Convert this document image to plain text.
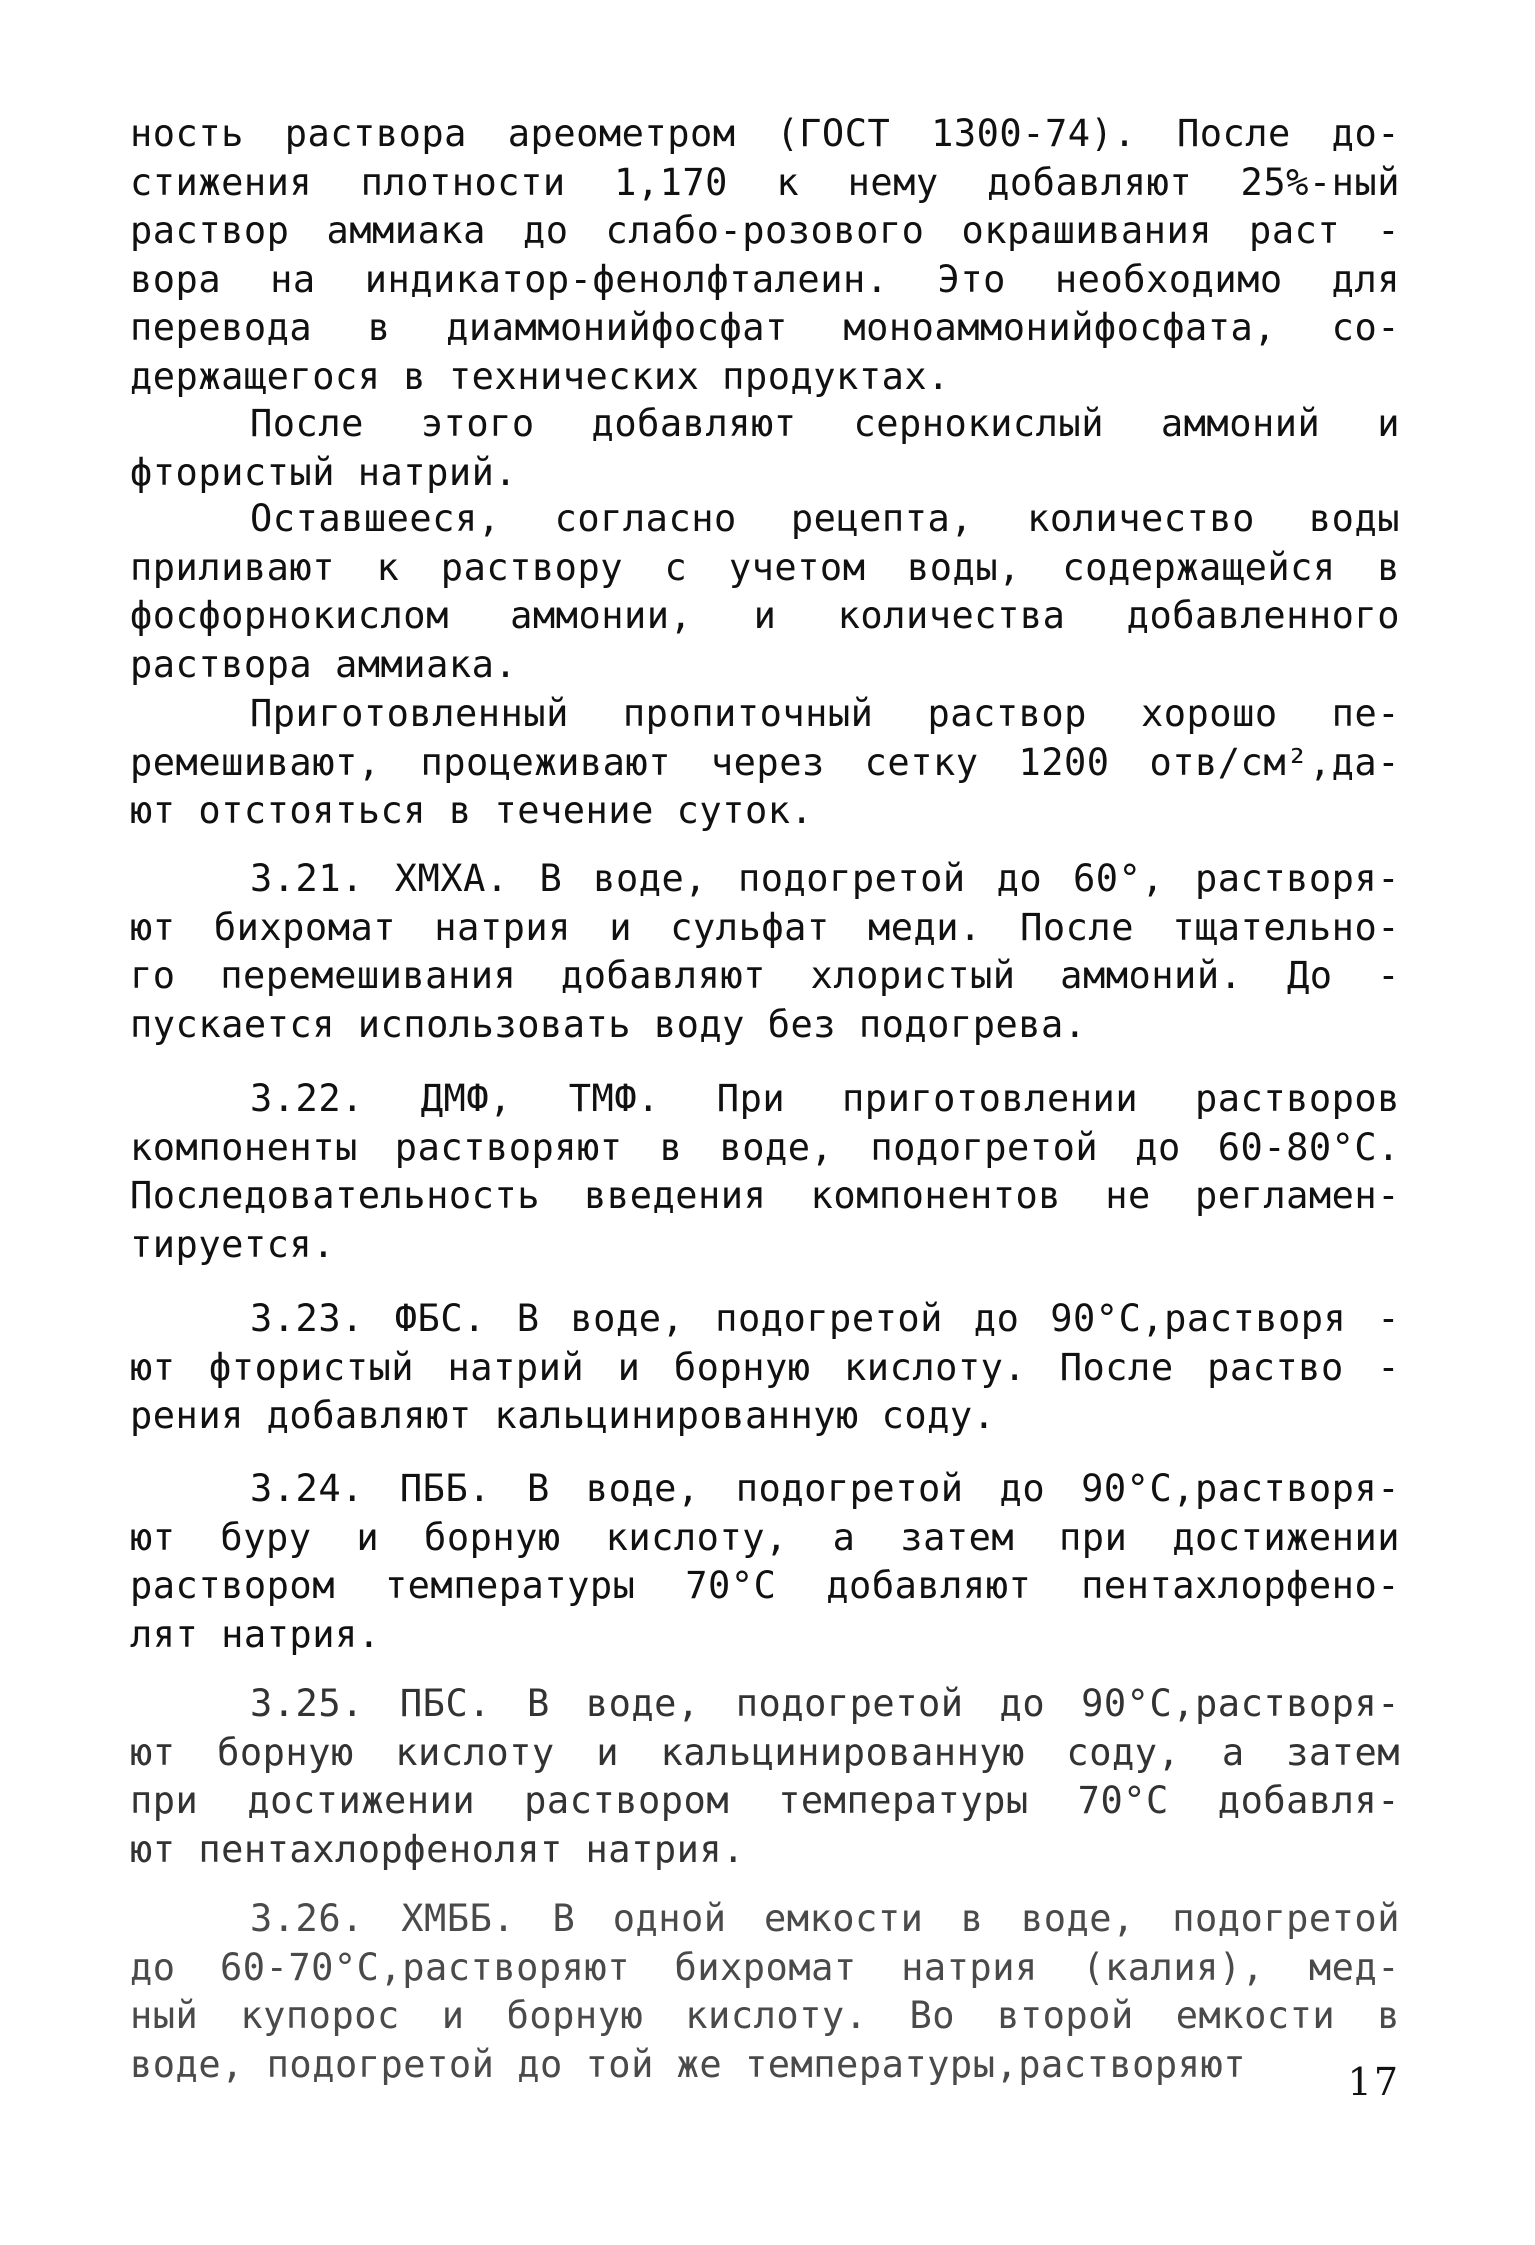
ность раствора ареометром (ГОСТ 1300-74). После до-
стижения плотности 1,170 к нему добавляют 25%-ный
раствор аммиака до слабо-розового окрашивания раст -
вора на индикатор-фенолфталеин. Это необходимо для
перевода в диаммонийфосфат моноаммонийфосфата, со-
держащегося в технических продуктах.

После этого добавляют сернокислый аммоний и
фтористый натрий.

Оставшееся, согласно рецепта, количество воды
приливают к раствору с учетом воды, содержащейся в
фосфорнокислом аммонии, и количества добавленного
раствора аммиака.

Приготовленный пропиточный раствор хорошо пе-
ремешивают, процеживают через сетку 1200 отв/см²,да-
ют отстояться в течение суток.

3.21. ХМХА. В воде, подогретой до 60°, растворя-
ют бихромат натрия и сульфат меди. После тщательно-
го перемешивания добавляют хлористый аммоний. До -
пускается использовать воду без подогрева.

3.22. ДМФ, ТМФ. При приготовлении растворов
компоненты растворяют в воде, подогретой до 60-80°С.
Последовательность введения компонентов не регламен-
тируется.

3.23. ФБС. В воде, подогретой до 90°С,растворя -
ют фтористый натрий и борную кислоту. После раство -
рения добавляют кальцинированную соду.

3.24. ПББ. В воде, подогретой до 90°С,растворя-
ют буру и борную кислоту, а затем при достижении
раствором температуры 70°С добавляют пентахлорфено-
лят натрия.

3.25. ПБС. В воде, подогретой до 90°С,растворя-
ют борную кислоту и кальцинированную соду, а затем
при достижении раствором температуры 70°С добавля-
ют пентахлорфенолят натрия.

3.26. ХМББ. В одной емкости в воде, подогретой
до 60-70°С,растворяют бихромат натрия (калия), мед-
ный купорос и борную кислоту. Во второй емкости в
воде, подогретой до той же температуры,растворяют	17
